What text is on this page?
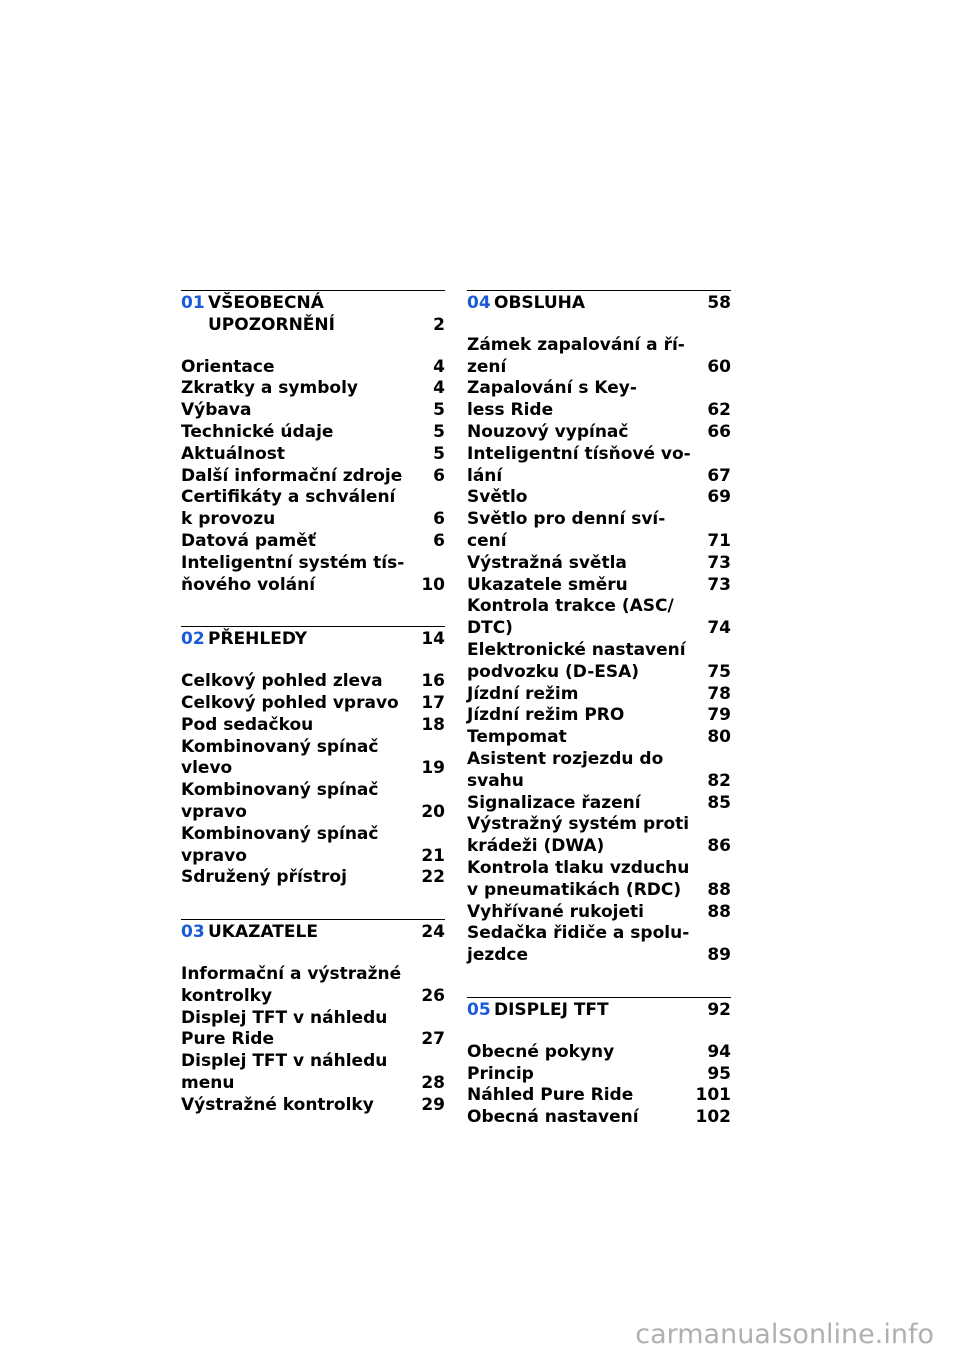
01 VŠEOBECNÁ
UPOZORNĚNÍ	2
Orientace	4
Zkratky a symboly	4
Výbava	5
Technické údaje	5
Aktuálnost	5
Další informační zdroje	6
Certifikáty a schválení
k provozu	6
Datová paměť	6
Inteligentní systém tís-
ňového volání	10
02 PŘEHLEDY	14
Celkový pohled zleva	16
Celkový pohled vpravo	17
Pod sedačkou	18
Kombinovaný spínač
vlevo	19
Kombinovaný spínač
vpravo	20
Kombinovaný spínač
vpravo	21
Sdružený přístroj	22
03 UKAZATELE	24
Informační a výstražné
kontrolky	26
Displej TFT v náhledu
Pure Ride	27
Displej TFT v náhledu
menu	28
Výstražné kontrolky	29
04 OBSLUHA	58
Zámek zapalování a ří-
zení	60
Zapalování s Key-
less Ride	62
Nouzový vypínač	66
Inteligentní tísňové vo-
lání	67
Světlo	69
Světlo pro denní sví-
cení	71
Výstražná světla	73
Ukazatele směru	73
Kontrola trakce (ASC/
DTC)	74
Elektronické nastavení
podvozku (D-ESA)	75
Jízdní režim	78
Jízdní režim PRO	79
Tempomat	80
Asistent rozjezdu do
svahu	82
Signalizace řazení	85
Výstražný systém proti
krádeži (DWA)	86
Kontrola tlaku vzduchu
v pneumatikách (RDC)	88
Vyhřívané rukojeti	88
Sedačka řidiče a spolu-
jezdce	89
05 DISPLEJ TFT	92
Obecné pokyny	94
Princip	95
Náhled Pure Ride	101
Obecná nastavení	102
carmanualsonline.info
